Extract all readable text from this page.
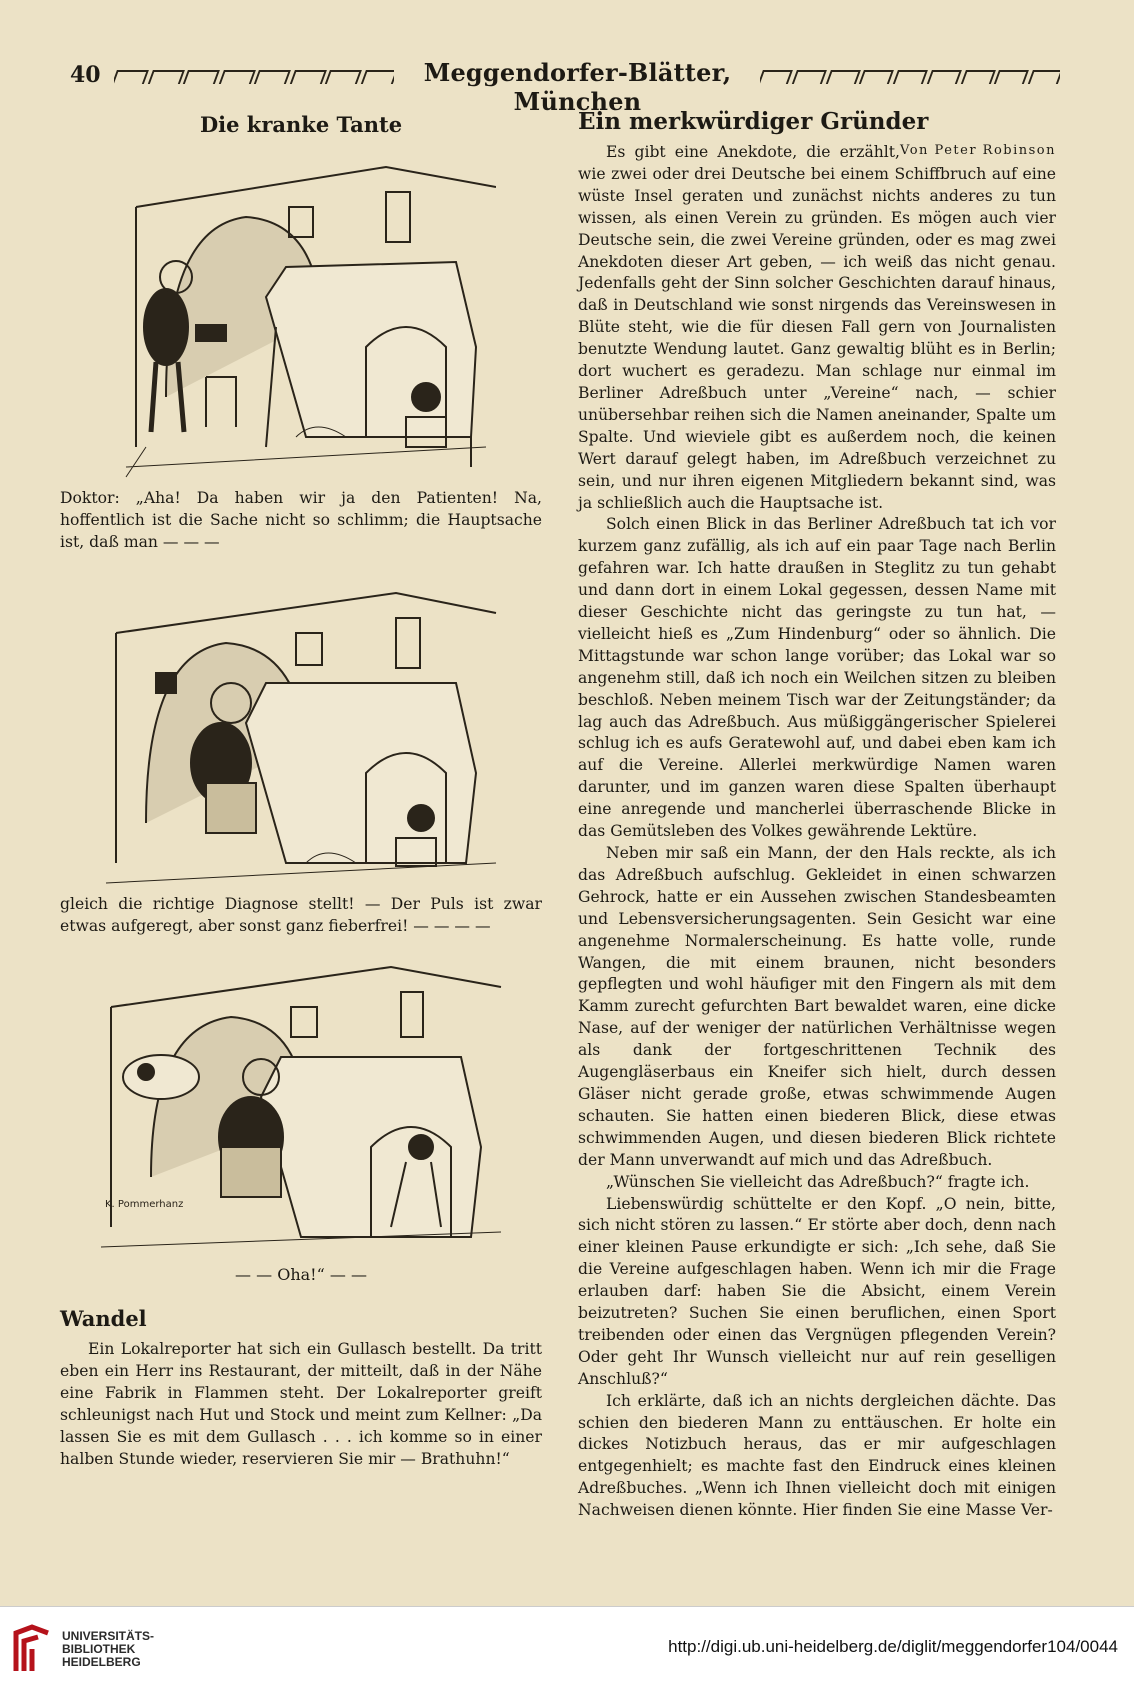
40	Meggendorfer-Blätter, München
Die kranke Tante

Doktor: „Aha! Da haben wir ja den Patienten! Na, hoffentlich ist die Sache nicht so schlimm; die Hauptsache ist, daß man — — —

gleich die richtige Diagnose stellt! — Der Puls ist zwar etwas aufgeregt, aber sonst ganz fieberfrei! — — — —

K. Pommerhanz
— — Oha!“ — —
Wandel

Ein Lokalreporter hat sich ein Gullasch bestellt. Da tritt eben ein Herr ins Restaurant, der mitteilt, daß in der Nähe eine Fabrik in Flammen steht. Der Lokalreporter greift schleunigst nach Hut und Stock und meint zum Kellner: „Da lassen Sie es mit dem Gullasch . . . ich komme so in einer halben Stunde wieder, reservieren Sie mir — Brathuhn!“

Ein merkwürdiger Gründer
Von Peter Robinson

Es gibt eine Anekdote, die erzählt, wie zwei oder drei Deutsche bei einem Schiffbruch auf eine wüste Insel geraten und zunächst nichts anderes zu tun wissen, als einen Verein zu gründen. Es mögen auch vier Deutsche sein, die zwei Vereine gründen, oder es mag zwei Anekdoten dieser Art geben, — ich weiß das nicht genau. Jedenfalls geht der Sinn solcher Geschichten darauf hinaus, daß in Deutschland wie sonst nirgends das Vereinswesen in Blüte steht, wie die für diesen Fall gern von Journalisten benutzte Wendung lautet. Ganz gewaltig blüht es in Berlin; dort wuchert es geradezu. Man schlage nur einmal im Berliner Adreßbuch unter „Vereine“ nach, — schier unübersehbar reihen sich die Namen aneinander, Spalte um Spalte. Und wieviele gibt es außerdem noch, die keinen Wert darauf gelegt haben, im Adreßbuch verzeichnet zu sein, und nur ihren eigenen Mitgliedern bekannt sind, was ja schließlich auch die Hauptsache ist.

Solch einen Blick in das Berliner Adreßbuch tat ich vor kurzem ganz zufällig, als ich auf ein paar Tage nach Berlin gefahren war. Ich hatte draußen in Steglitz zu tun gehabt und dann dort in einem Lokal gegessen, dessen Name mit dieser Geschichte nicht das geringste zu tun hat, — vielleicht hieß es „Zum Hindenburg“ oder so ähnlich. Die Mittagstunde war schon lange vorüber; das Lokal war so angenehm still, daß ich noch ein Weilchen sitzen zu bleiben beschloß. Neben meinem Tisch war der Zeitungständer; da lag auch das Adreßbuch. Aus müßiggängerischer Spielerei schlug ich es aufs Geratewohl auf, und dabei eben kam ich auf die Vereine. Allerlei merkwürdige Namen waren darunter, und im ganzen waren diese Spalten überhaupt eine anregende und mancherlei überraschende Blicke in das Gemütsleben des Volkes gewährende Lektüre.

Neben mir saß ein Mann, der den Hals reckte, als ich das Adreßbuch aufschlug. Gekleidet in einen schwarzen Gehrock, hatte er ein Aussehen zwischen Standesbeamten und Lebensversicherungsagenten. Sein Gesicht war eine angenehme Normalerscheinung. Es hatte volle, runde Wangen, die mit einem braunen, nicht besonders gepflegten und wohl häufiger mit den Fingern als mit dem Kamm zurecht gefurchten Bart bewaldet waren, eine dicke Nase, auf der weniger der natürlichen Verhältnisse wegen als dank der fortgeschrittenen Technik des Augengläserbaus ein Kneifer sich hielt, durch dessen Gläser nicht gerade große, etwas schwimmende Augen schauten. Sie hatten einen biederen Blick, diese etwas schwimmenden Augen, und diesen biederen Blick richtete der Mann unverwandt auf mich und das Adreßbuch.

„Wünschen Sie vielleicht das Adreßbuch?“ fragte ich.

Liebenswürdig schüttelte er den Kopf. „O nein, bitte, sich nicht stören zu lassen.“ Er störte aber doch, denn nach einer kleinen Pause erkundigte er sich: „Ich sehe, daß Sie die Vereine aufgeschlagen haben. Wenn ich mir die Frage erlauben darf: haben Sie die Absicht, einem Verein beizutreten? Suchen Sie einen beruflichen, einen Sport treibenden oder einen das Vergnügen pflegenden Verein? Oder geht Ihr Wunsch vielleicht nur auf rein geselligen Anschluß?“

Ich erklärte, daß ich an nichts dergleichen dächte. Das schien den biederen Mann zu enttäuschen. Er holte ein dickes Notizbuch heraus, das er mir aufgeschlagen entgegenhielt; es machte fast den Eindruck eines kleinen Adreßbuches. „Wenn ich Ihnen vielleicht doch mit einigen Nachweisen dienen könnte. Hier finden Sie eine Masse Ver-

UNIVERSITÄTS-
BIBLIOTHEK
HEIDELBERG
http://digi.ub.uni-heidelberg.de/diglit/meggendorfer104/0044
